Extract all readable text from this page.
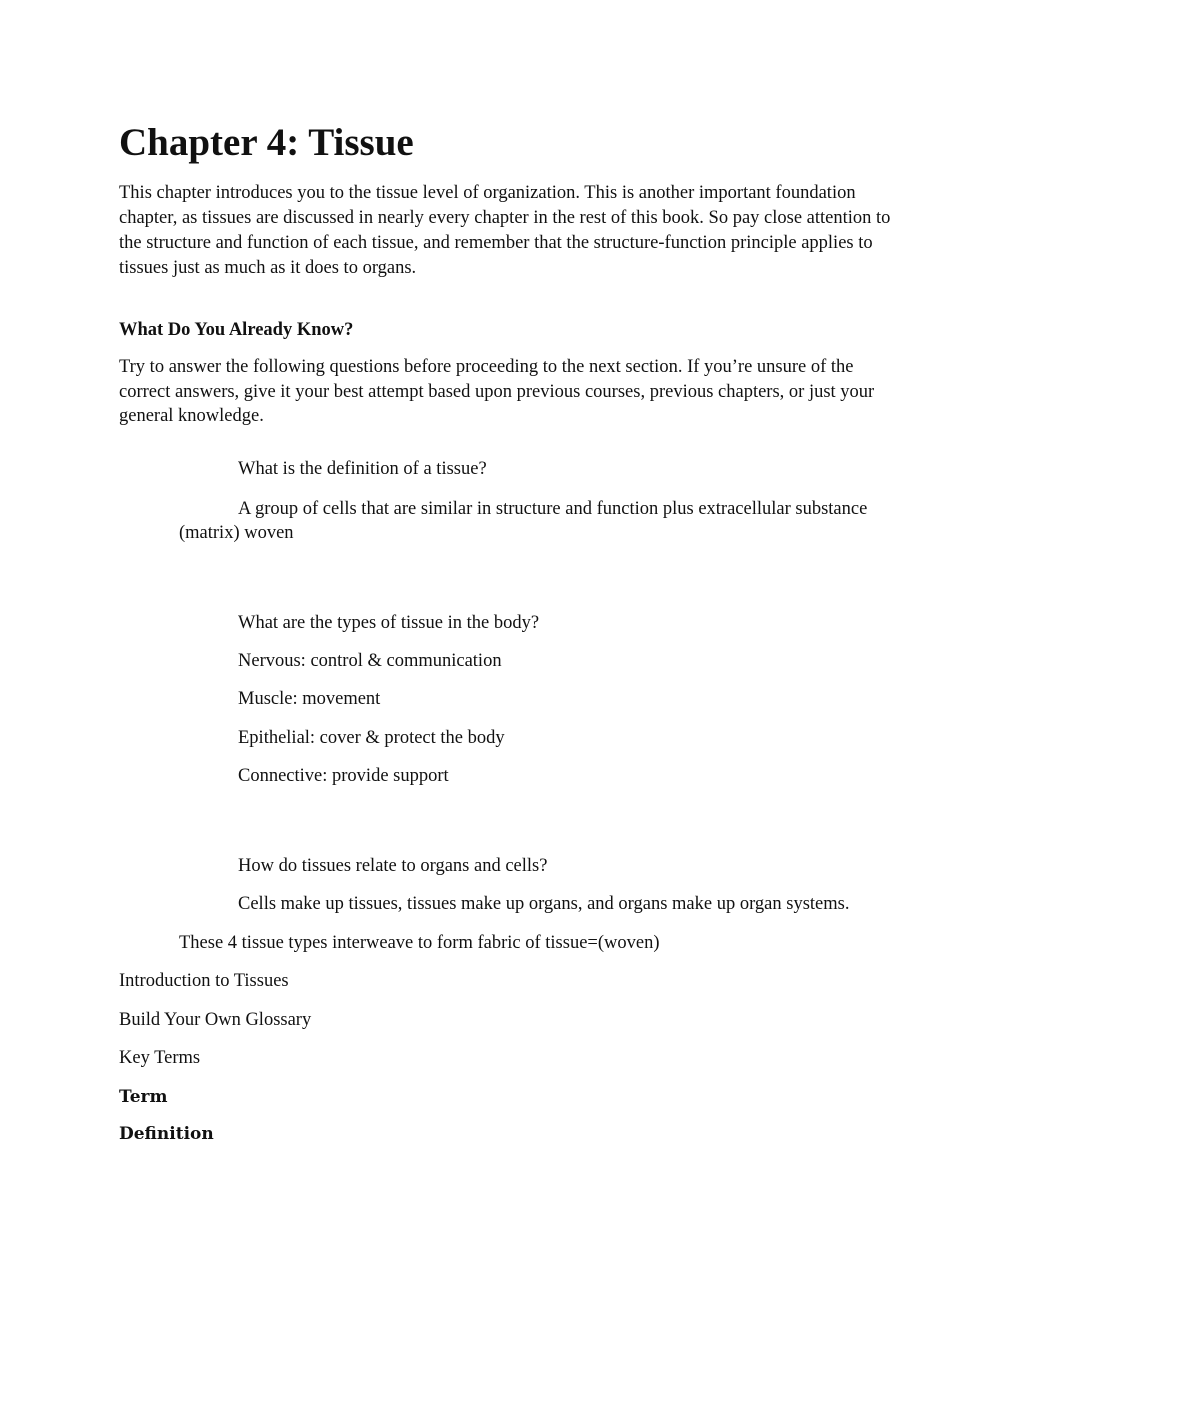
Chapter 4: Tissue

This chapter introduces you to the tissue level of organization. This is another important foundation

chapter, as tissues are discussed in nearly every chapter in the rest of this book. So pay close attention to

the structure and function of each tissue, and remember that the structure-function principle applies to

tissues just as much as it does to organs.

What Do You Already Know?

Try to answer the following questions before proceeding to the next section. If you’re unsure of the

correct answers, give it your best attempt based upon previous courses, previous chapters, or just your

general knowledge.

What is the definition of a tissue?

A group of cells that are similar in structure and function plus extracellular substance

(matrix) woven

What are the types of tissue in the body?

Nervous: control & communication

Muscle: movement

Epithelial: cover & protect the body

Connective: provide support

How do tissues relate to organs and cells?

Cells make up tissues, tissues make up organs, and organs make up organ systems.

These 4 tissue types interweave to form fabric of tissue=(woven)

Introduction to Tissues

Build Your Own Glossary

Key Terms

Term

Definition
